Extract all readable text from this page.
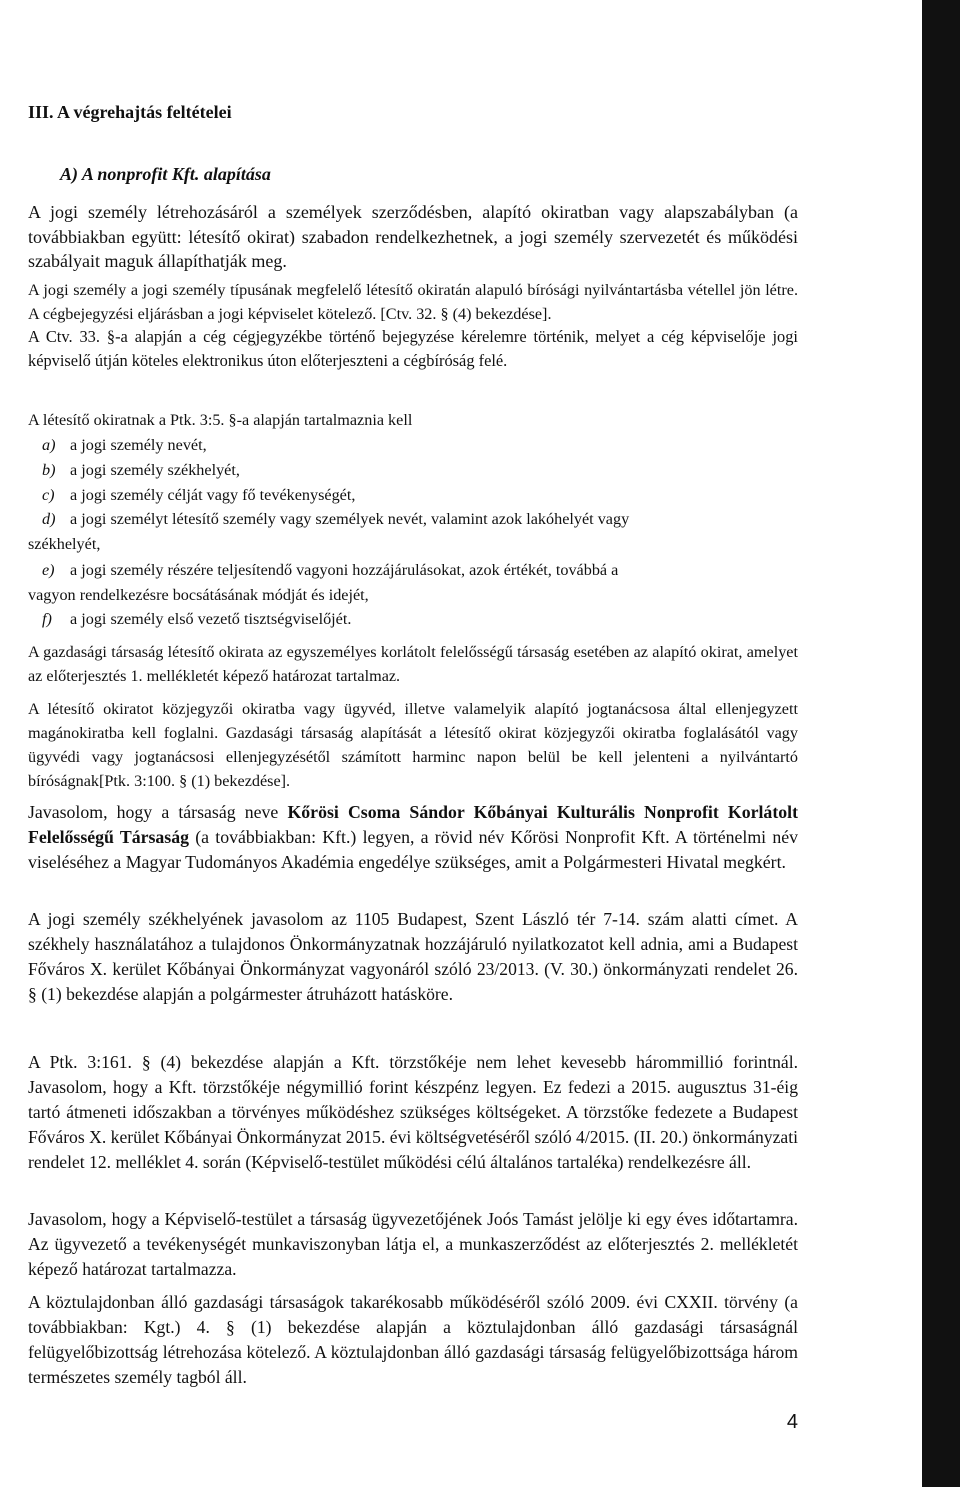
III. A végrehajtás feltételei
A) A nonprofit Kft. alapítása
A jogi személy létrehozásáról a személyek szerződésben, alapító okiratban vagy alapszabályban (a továbbiakban együtt: létesítő okirat) szabadon rendelkezhetnek, a jogi személy szervezetét és működési szabályait maguk állapíthatják meg.
A jogi személy a jogi személy típusának megfelelő létesítő okiratán alapuló bírósági nyilvántartásba vétellel jön létre. A cégbejegyzési eljárásban a jogi képviselet kötelező. [Ctv. 32. § (4) bekezdése].
A Ctv. 33. §-a alapján a cég cégjegyzékbe történő bejegyzése kérelemre történik, melyet a cég képviselője jogi képviselő útján köteles elektronikus úton előterjeszteni a cégbíróság felé.
A létesítő okiratnak a Ptk. 3:5. §-a alapján tartalmaznia kell
a) a jogi személy nevét,
b) a jogi személy székhelyét,
c) a jogi személy célját vagy fő tevékenységét,
d) a jogi személyt létesítő személy vagy személyek nevét, valamint azok lakóhelyét vagy
székhelyét,
e) a jogi személy részére teljesítendő vagyoni hozzájárulásokat, azok értékét, továbbá a
vagyon rendelkezésre bocsátásának módját és idejét,
f) a jogi személy első vezető tisztségviselőjét.
A gazdasági társaság létesítő okirata az egyszemélyes korlátolt felelősségű társaság esetében az alapító okirat, amelyet az előterjesztés 1. mellékletét képező határozat tartalmaz.
A létesítő okiratot közjegyzői okiratba vagy ügyvéd, illetve valamelyik alapító jogtanácsosa által ellenjegyzett magánokiratba kell foglalni. Gazdasági társaság alapítását a létesítő okirat közjegyzői okiratba foglalásától vagy ügyvédi vagy jogtanácsosi ellenjegyzésétől számított harminc napon belül be kell jelenteni a nyilvántartó bíróságnak[Ptk. 3:100. § (1) bekezdése].
Javasolom, hogy a társaság neve Kőrösi Csoma Sándor Kőbányai Kulturális Nonprofit Korlátolt Felelősségű Társaság (a továbbiakban: Kft.) legyen, a rövid név Kőrösi Nonprofit Kft. A történelmi név viseléséhez a Magyar Tudományos Akadémia engedélye szükséges, amit a Polgármesteri Hivatal megkért.
A jogi személy székhelyének javasolom az 1105 Budapest, Szent László tér 7-14. szám alatti címet. A székhely használatához a tulajdonos Önkormányzatnak hozzájáruló nyilatkozatot kell adnia, ami a Budapest Főváros X. kerület Kőbányai Önkormányzat vagyonáról szóló 23/2013. (V. 30.) önkormányzati rendelet 26. § (1) bekezdése alapján a polgármester átruházott hatásköre.
A Ptk. 3:161. § (4) bekezdése alapján a Kft. törzstőkéje nem lehet kevesebb hárommillió forintnál. Javasolom, hogy a Kft. törzstőkéje négymillió forint készpénz legyen. Ez fedezi a 2015. augusztus 31-éig tartó átmeneti időszakban a törvényes működéshez szükséges költségeket. A törzstőke fedezete a Budapest Főváros X. kerület Kőbányai Önkormányzat 2015. évi költségvetéséről szóló 4/2015. (II. 20.) önkormányzati rendelet 12. melléklet 4. során (Képviselő-testület működési célú általános tartaléka) rendelkezésre áll.
Javasolom, hogy a Képviselő-testület a társaság ügyvezetőjének Joós Tamást jelölje ki egy éves időtartamra. Az ügyvezető a tevékenységét munkaviszonyban látja el, a munkaszerződést az előterjesztés 2. mellékletét képező határozat tartalmazza.
A köztulajdonban álló gazdasági társaságok takarékosabb működéséről szóló 2009. évi CXXII. törvény (a továbbiakban: Kgt.) 4. § (1) bekezdése alapján a köztulajdonban álló gazdasági társaságnál felügyelőbizottság létrehozása kötelező. A köztulajdonban álló gazdasági társaság felügyelőbizottsága három természetes személy tagból áll.
4
